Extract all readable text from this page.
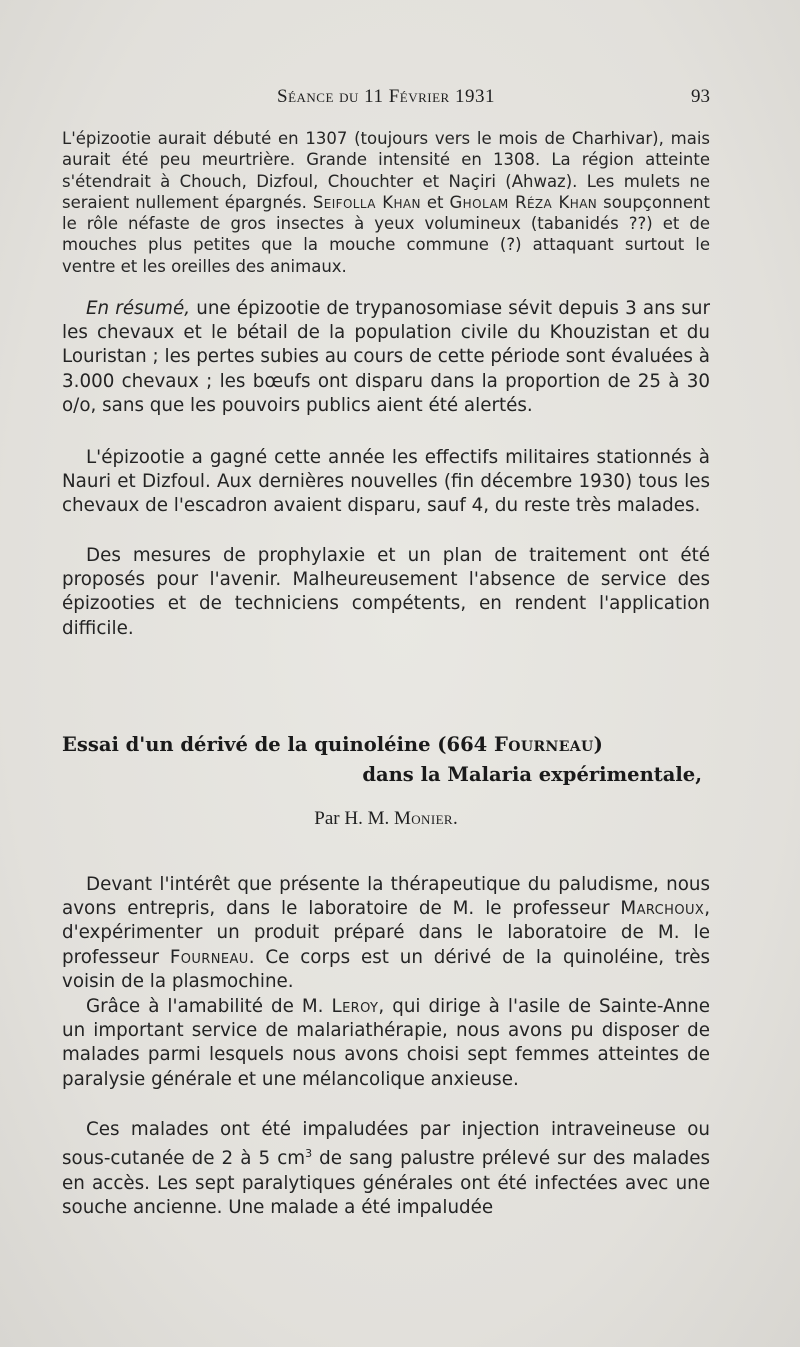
Séance du 11 Février 1931	93

L'épizootie aurait débuté en 1307 (toujours vers le mois de Charhivar), mais aurait été peu meurtrière. Grande intensité en 1308. La région atteinte s'étendrait à Chouch, Dizfoul, Chouchter et Naçiri (Ahwaz). Les mulets ne seraient nullement épargnés. Seifolla Khan et Gholam Réza Khan soupçonnent le rôle néfaste de gros insectes à yeux volumineux (tabanidés ??) et de mouches plus petites que la mouche commune (?) attaquant surtout le ventre et les oreilles des animaux.

En résumé, une épizootie de trypanosomiase sévit depuis 3 ans sur les chevaux et le bétail de la population civile du Khouzistan et du Louristan ; les pertes subies au cours de cette période sont évaluées à 3.000 chevaux ; les bœufs ont disparu dans la proportion de 25 à 30 o/o, sans que les pouvoirs publics aient été alertés.

L'épizootie a gagné cette année les effectifs militaires stationnés à Nauri et Dizfoul. Aux dernières nouvelles (fin décembre 1930) tous les chevaux de l'escadron avaient disparu, sauf 4, du reste très malades.

Des mesures de prophylaxie et un plan de traitement ont été proposés pour l'avenir. Malheureusement l'absence de service des épizooties et de techniciens compétents, en rendent l'application difficile.

Essai d'un dérivé de la quinoléine (664 Fourneau)
dans la Malaria expérimentale,
Par H. M. Monier.

Devant l'intérêt que présente la thérapeutique du paludisme, nous avons entrepris, dans le laboratoire de M. le professeur Marchoux, d'expérimenter un produit préparé dans le laboratoire de M. le professeur Fourneau. Ce corps est un dérivé de la quinoléine, très voisin de la plasmochine.

Grâce à l'amabilité de M. Leroy, qui dirige à l'asile de Sainte-Anne un important service de malariathérapie, nous avons pu disposer de malades parmi lesquels nous avons choisi sept femmes atteintes de paralysie générale et une mélancolique anxieuse.

Ces malades ont été impaludées par injection intraveineuse ou sous-cutanée de 2 à 5 $cm^3$ de sang palustre prélevé sur des malades en accès. Les sept paralytiques générales ont été infectées avec une souche ancienne. Une malade a été impaludée
